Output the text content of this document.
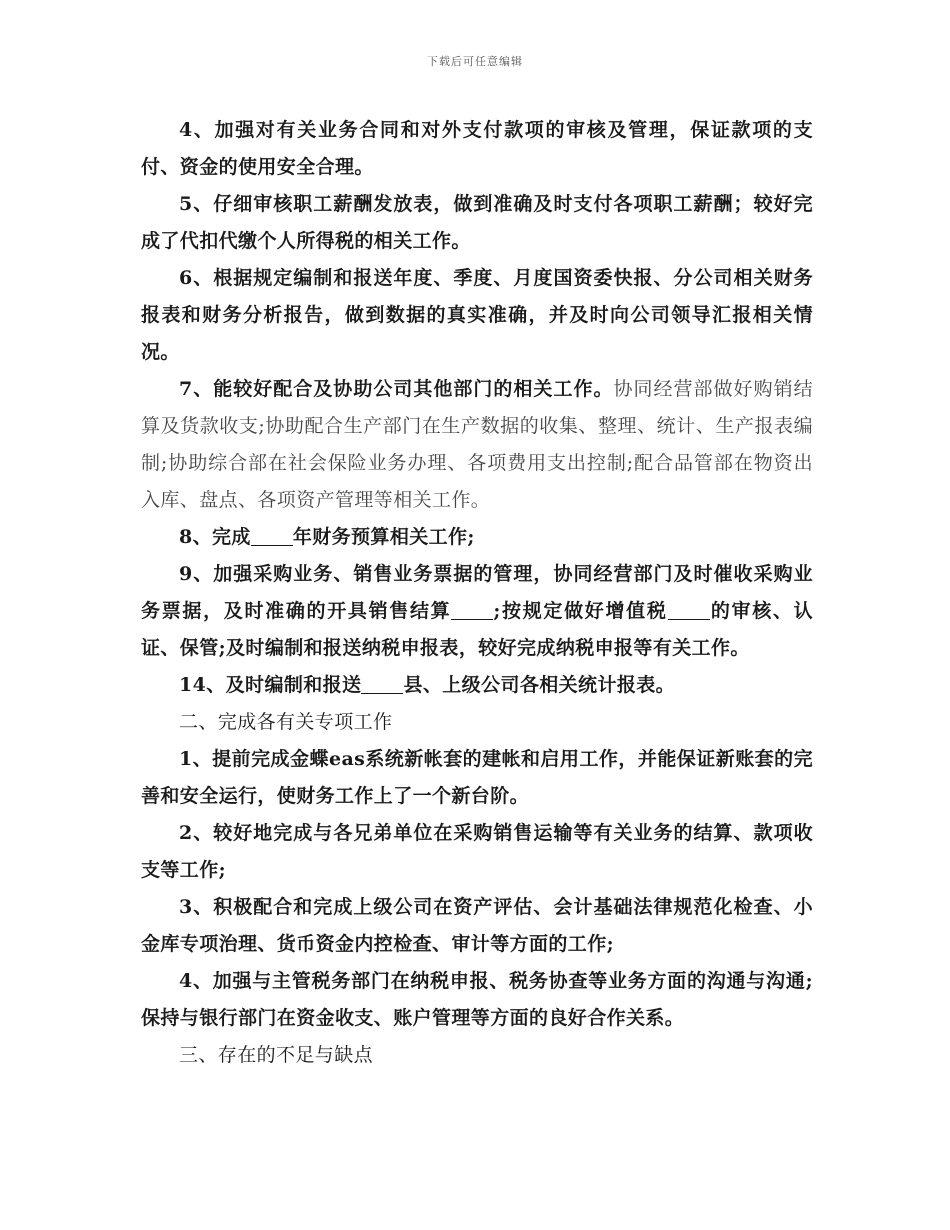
下载后可任意编辑

4、加强对有关业务合同和对外支付款项的审核及管理，保证款项的支付、资金的使用安全合理。

5、仔细审核职工薪酬发放表，做到准确及时支付各项职工薪酬；较好完成了代扣代缴个人所得税的相关工作。

6、根据规定编制和报送年度、季度、月度国资委快报、分公司相关财务报表和财务分析报告，做到数据的真实准确，并及时向公司领导汇报相关情况。

7、能较好配合及协助公司其他部门的相关工作。协同经营部做好购销结算及货款收支;协助配合生产部门在生产数据的收集、整理、统计、生产报表编制;协助综合部在社会保险业务办理、各项费用支出控制;配合品管部在物资出入库、盘点、各项资产管理等相关工作。

8、完成 年财务预算相关工作;

9、加强采购业务、销售业务票据的管理，协同经营部门及时催收采购业务票据，及时准确的开具销售结算 ;按规定做好增值税 的审核、认证、保管;及时编制和报送纳税申报表，较好完成纳税申报等有关工作。

14、及时编制和报送 县、上级公司各相关统计报表。

二、完成各有关专项工作

1、提前完成金蝶eas系统新帐套的建帐和启用工作，并能保证新账套的完善和安全运行，使财务工作上了一个新台阶。

2、较好地完成与各兄弟单位在采购销售运输等有关业务的结算、款项收支等工作;

3、积极配合和完成上级公司在资产评估、会计基础法律规范化检查、小金库专项治理、货币资金内控检查、审计等方面的工作;

4、加强与主管税务部门在纳税申报、税务协查等业务方面的沟通与沟通;保持与银行部门在资金收支、账户管理等方面的良好合作关系。

三、存在的不足与缺点
